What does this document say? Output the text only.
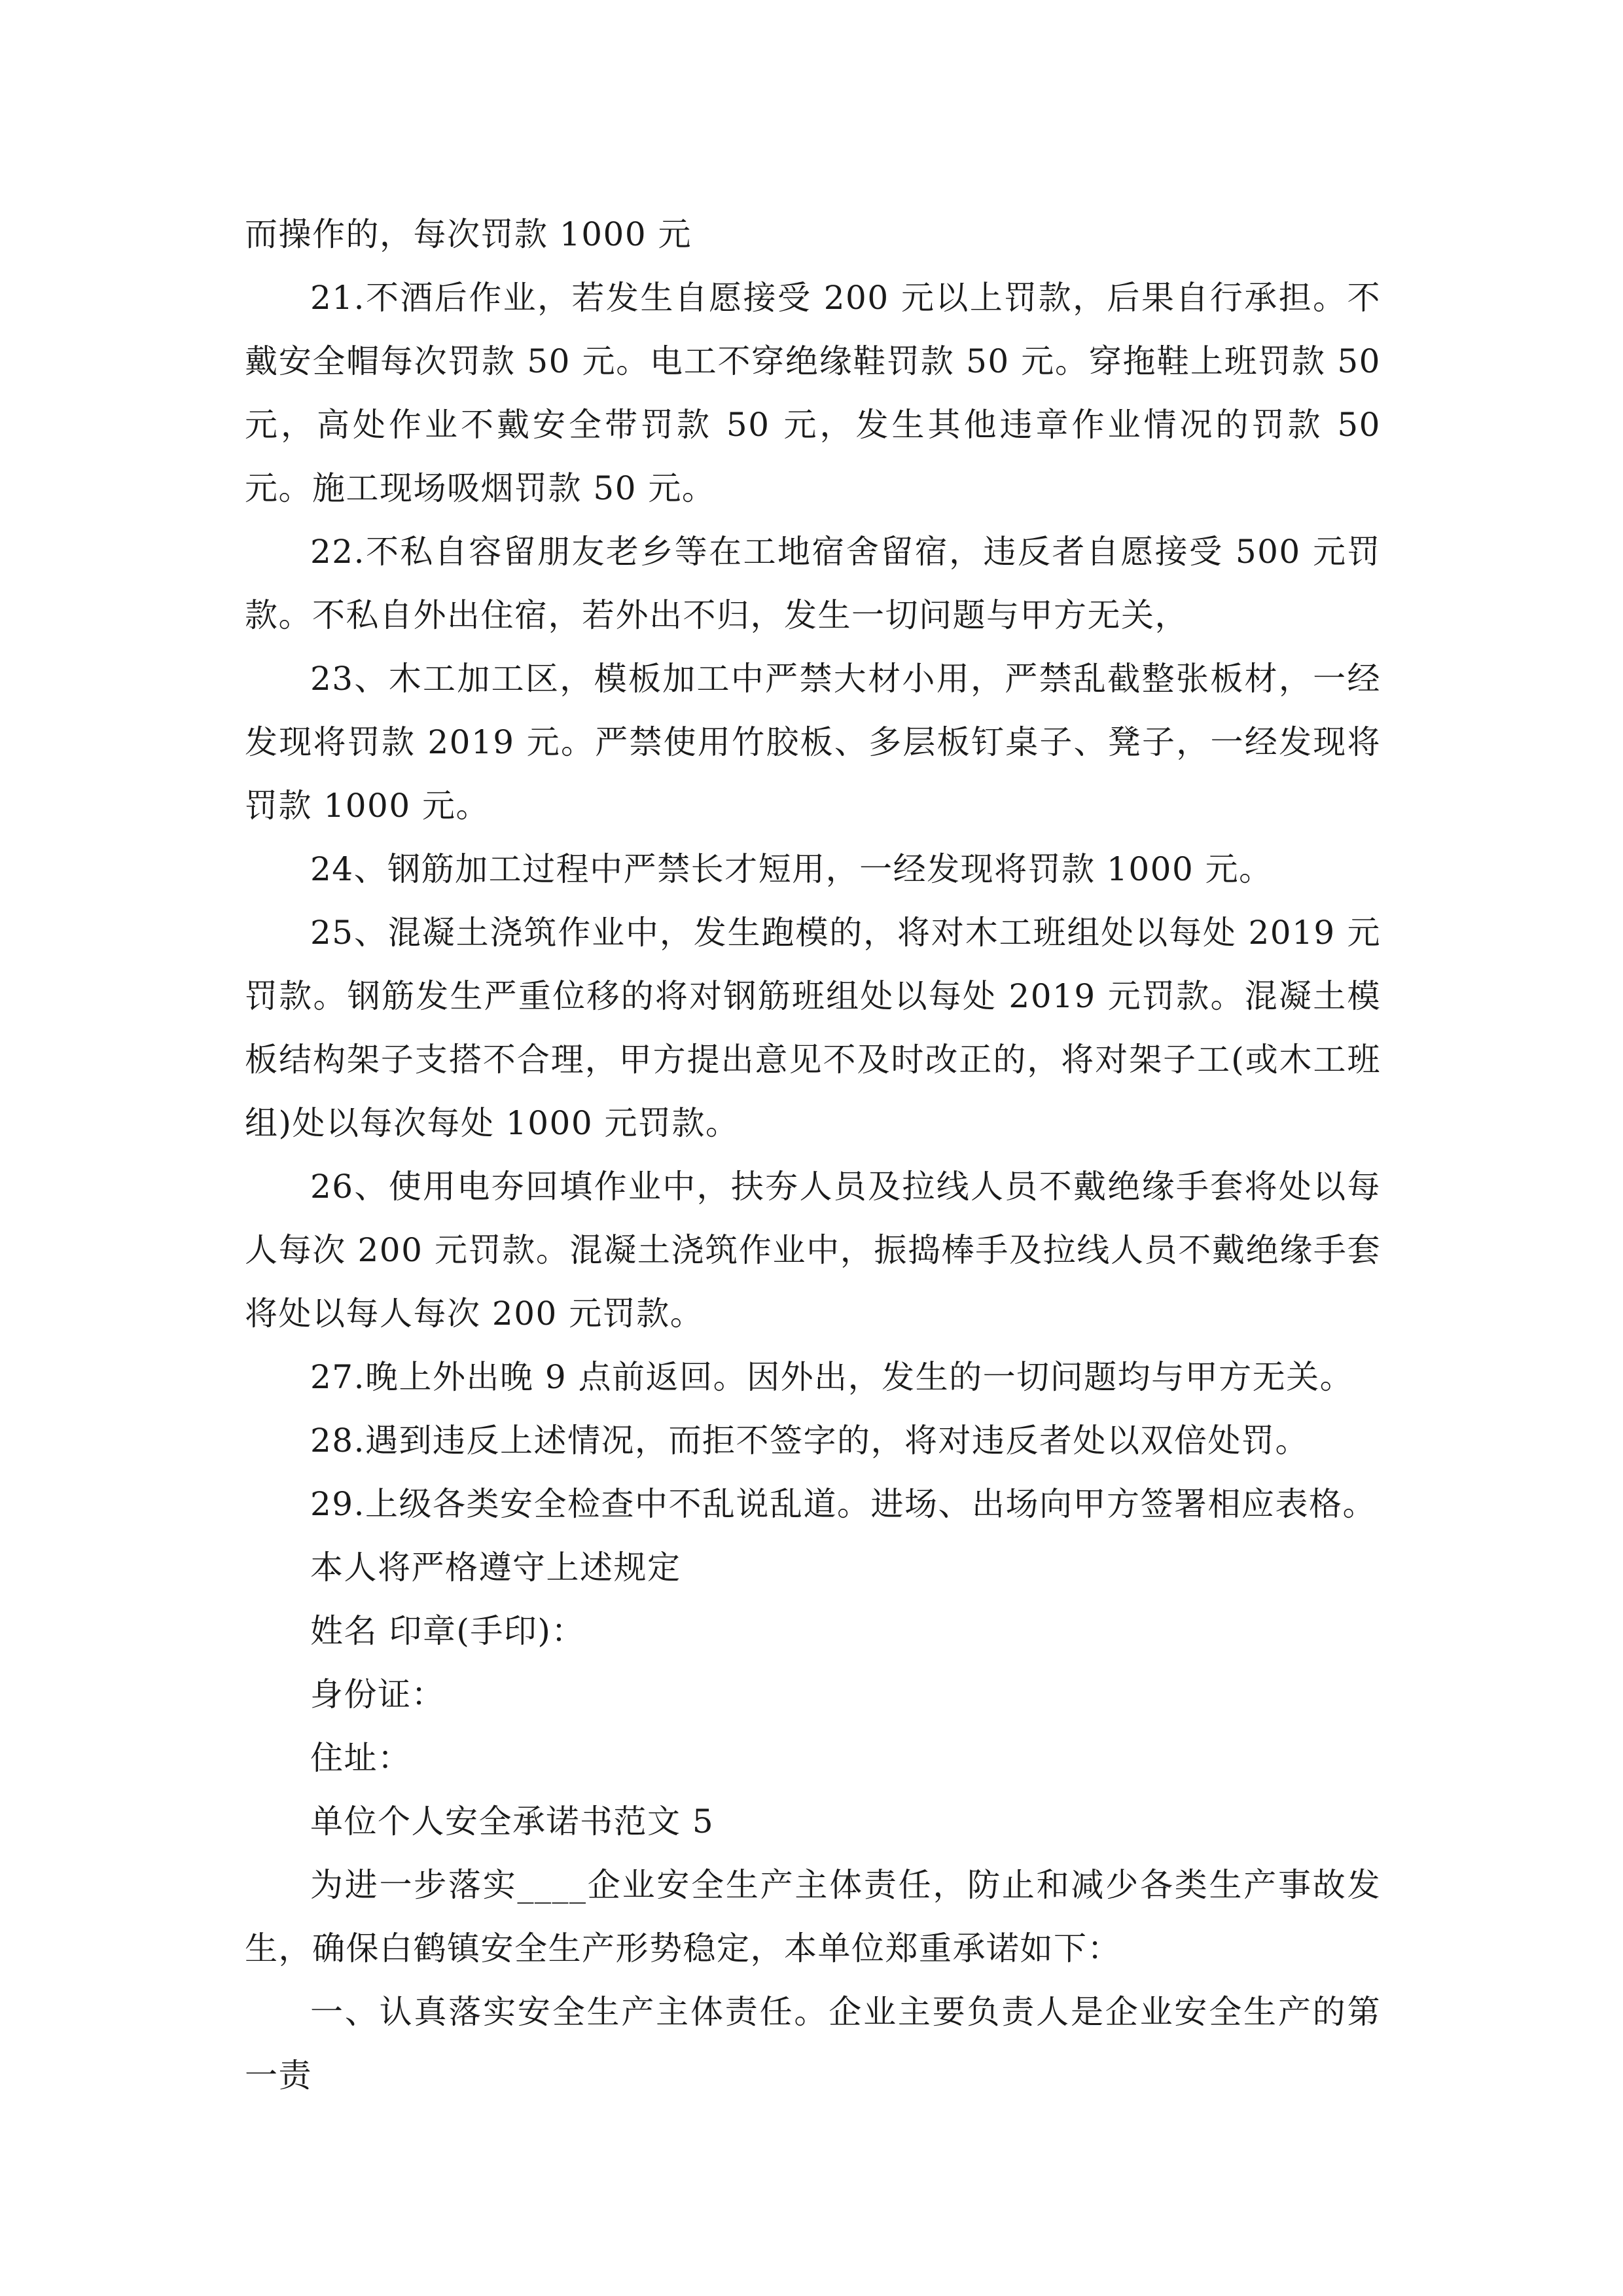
而操作的，每次罚款 1000 元

21.不酒后作业，若发生自愿接受 200 元以上罚款，后果自行承担。不戴安全帽每次罚款 50 元。电工不穿绝缘鞋罚款 50 元。穿拖鞋上班罚款 50 元，高处作业不戴安全带罚款 50 元，发生其他违章作业情况的罚款 50 元。施工现场吸烟罚款 50 元。

22.不私自容留朋友老乡等在工地宿舍留宿，违反者自愿接受 500 元罚款。不私自外出住宿，若外出不归，发生一切问题与甲方无关，

23、木工加工区，模板加工中严禁大材小用，严禁乱截整张板材，一经发现将罚款 2019 元。严禁使用竹胶板、多层板钉桌子、凳子，一经发现将罚款 1000 元。

24、钢筋加工过程中严禁长才短用，一经发现将罚款 1000 元。

25、混凝土浇筑作业中，发生跑模的，将对木工班组处以每处 2019 元罚款。钢筋发生严重位移的将对钢筋班组处以每处 2019 元罚款。混凝土模板结构架子支搭不合理，甲方提出意见不及时改正的，将对架子工(或木工班组)处以每次每处 1000 元罚款。

26、使用电夯回填作业中，扶夯人员及拉线人员不戴绝缘手套将处以每人每次 200 元罚款。混凝土浇筑作业中，振捣棒手及拉线人员不戴绝缘手套将处以每人每次 200 元罚款。

27.晚上外出晚 9 点前返回。因外出，发生的一切问题均与甲方无关。

28.遇到违反上述情况，而拒不签字的，将对违反者处以双倍处罚。

29.上级各类安全检查中不乱说乱道。进场、出场向甲方签署相应表格。

本人将严格遵守上述规定

姓名 印章(手印)：

身份证：

住址：

单位个人安全承诺书范文 5

为进一步落实____企业安全生产主体责任，防止和减少各类生产事故发生，确保白鹤镇安全生产形势稳定，本单位郑重承诺如下：

一、认真落实安全生产主体责任。企业主要负责人是企业安全生产的第一责
